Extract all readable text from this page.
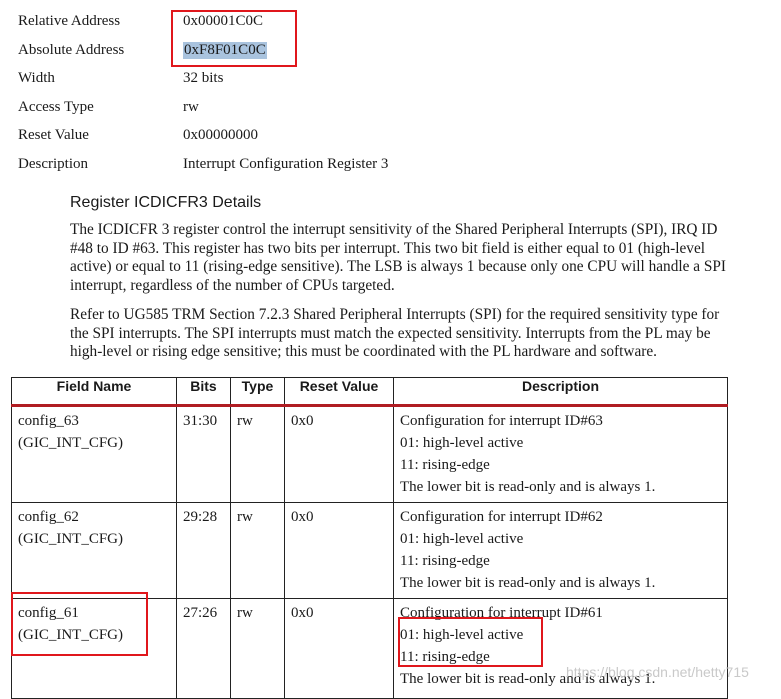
Relative Address	0x00001C0C
Absolute Address	0xF8F01C0C
Width	32 bits
Access Type	rw
Reset Value	0x00000000
Description	Interrupt Configuration Register 3
Register ICDICFR3 Details
The ICDICFR 3 register control the interrupt sensitivity of the Shared Peripheral Interrupts (SPI), IRQ ID
#48 to ID #63. This register has two bits per interrupt. This two bit field is either equal to 01 (high-level
active) or equal to 11 (rising-edge sensitive). The LSB is always 1 because only one CPU will handle a SPI
interrupt, regardless of the number of CPUs targeted.
Refer to UG585 TRM Section 7.2.3 Shared Peripheral Interrupts (SPI) for the required sensitivity type for
the SPI interrupts. The SPI interrupts must match the expected sensitivity. Interrupts from the PL may be
high-level or rising edge sensitive; this must be coordinated with the PL hardware and software.
Field Name	Bits	Type	Reset Value	Description

config_63
(GIC_INT_CFG)	31:30	rw	0x0	Configuration for interrupt ID#63
01: high-level active
11: rising-edge
The lower bit is read-only and is always 1.

config_62
(GIC_INT_CFG)	29:28	rw	0x0	Configuration for interrupt ID#62
01: high-level active
11: rising-edge
The lower bit is read-only and is always 1.

config_61
(GIC_INT_CFG)	27:26	rw	0x0	Configuration for interrupt ID#61
01: high-level active
11: rising-edge
The lower bit is read-only and is always 1.
https://blog.csdn.net/hetty715
